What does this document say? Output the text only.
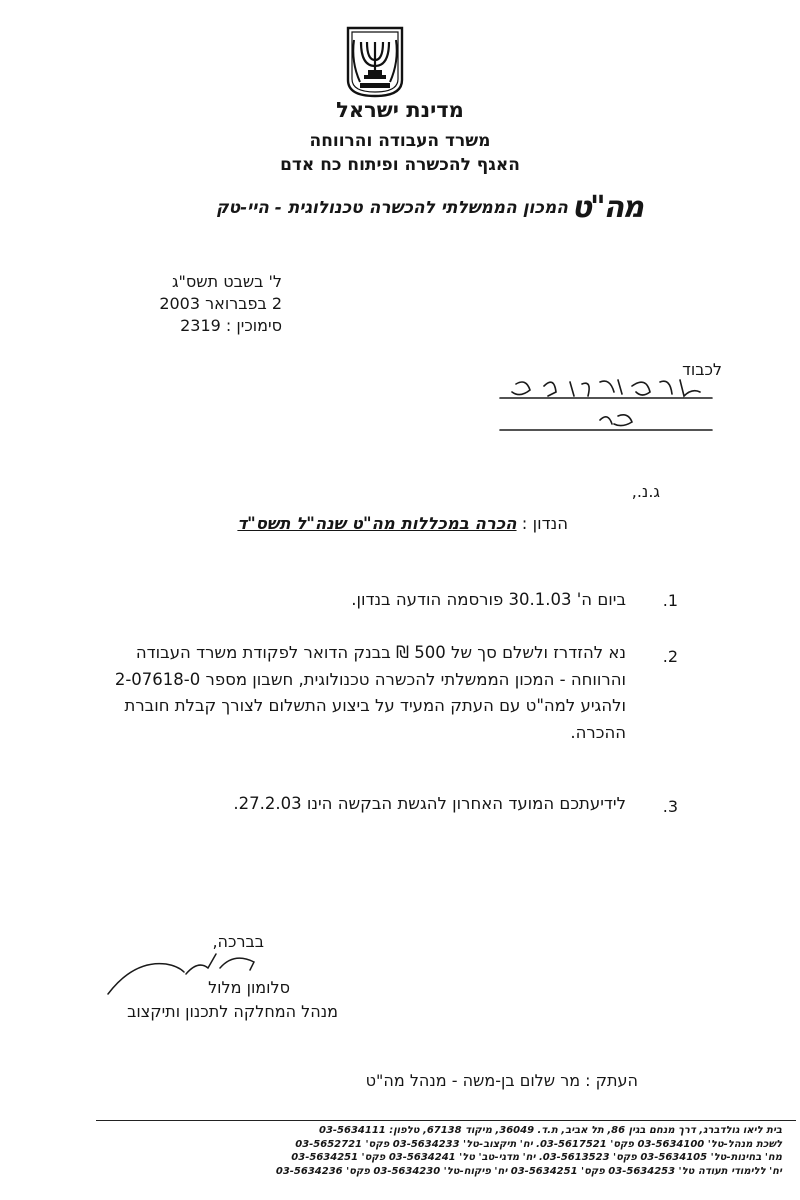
מדינת ישראל
משרד העבודה והרווחה
האגף להכשרה ופיתוח כח אדם
מה"ט
המכון הממשלתי להכשרה טכנולוגית - היי-טק
ל' בשבט תשס"ג
2 בפברואר 2003
סימוכין : 2319
לכבוד
ג.נ.,
הנדון : הכרה במכללות מה"ט שנה"ל תשס"ד
1.
ביום ה' 30.1.03 פורסמה הודעה בנדון.
2.
נא להזדרז ולשלם סך של 500 ₪ בבנק הדואר לפקודת משרד העבודה
והרווחה - המכון הממשלתי להכשרה טכנולוגית, חשבון מספר 2-07618-0
ולהגיע למה"ט עם העתק המעיד על ביצוע התשלום לצורך קבלת חוברת
ההכרה.
3.
לידיעתכם המועד האחרון להגשת הבקשה הינו 27.2.03.
בברכה,
סלומון מלול
מנהל המחלקה לתכנון ותיקצוב
העתק : מר שלום בן-משה - מנהל מה"ט
בית ליאו גולדברג, דרך מנחם בגין 86, תל אביב, ת.ד. 36049, מיקוד 67138, טלפון: 03-5634111
לשכת מנהל-טל' 03-5634100 פקס' 03-5617521. יח' תיקצוב-טל' 03-5634233 פקס' 03-5652721
מח' בחינות-טל' 03-5634105 פקס' 03-5613523. יח' מדגי-טב' טל' 03-5634241 פקס' 03-5634251
יח' ללימודי תעודה טל' 03-5634253 פקס' 03-5634251 יח' פיקוח-טל' 03-5634230 פקס' 03-5634236
